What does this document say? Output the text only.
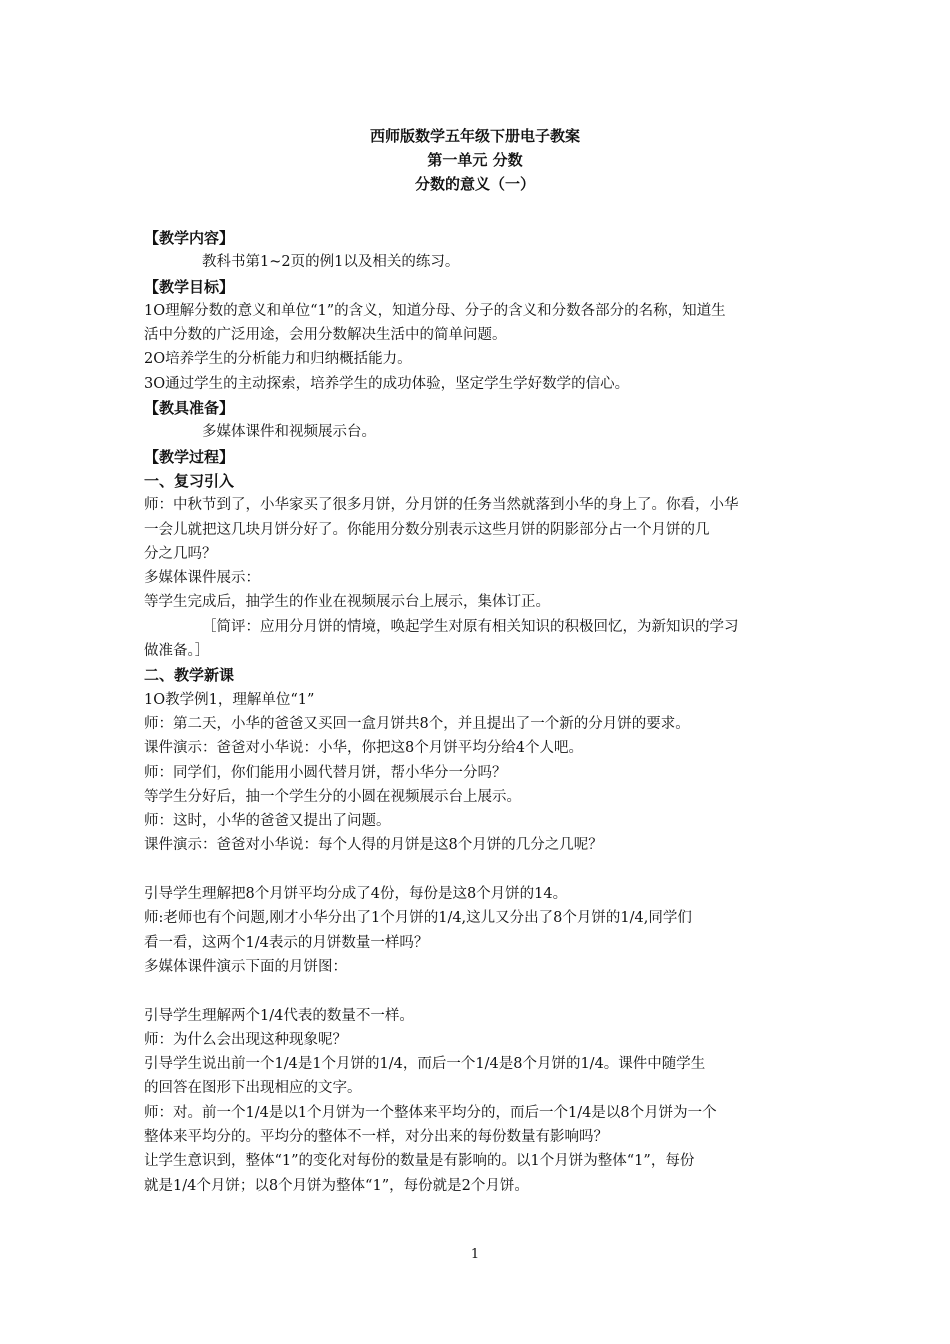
西师版数学五年级下册电子教案
第一单元 分数
分数的意义（一）
【教学内容】
教科书第1~2页的例1以及相关的练习。
【教学目标】
1O理解分数的意义和单位“1”的含义，知道分母、分子的含义和分数各部分的名称，知道生
活中分数的广泛用途，会用分数解决生活中的简单问题。
2O培养学生的分析能力和归纳概括能力。
3O通过学生的主动探索，培养学生的成功体验，坚定学生学好数学的信心。
【教具准备】
多媒体课件和视频展示台。
【教学过程】
一、复习引入
师：中秋节到了，小华家买了很多月饼，分月饼的任务当然就落到小华的身上了。你看，小华
一会儿就把这几块月饼分好了。你能用分数分别表示这些月饼的阴影部分占一个月饼的几
分之几吗？
多媒体课件展示：
等学生完成后，抽学生的作业在视频展示台上展示，集体订正。
［简评：应用分月饼的情境，唤起学生对原有相关知识的积极回忆，为新知识的学习
做准备。］
二、教学新课
1O教学例1，理解单位“1”
师：第二天，小华的爸爸又买回一盒月饼共8个，并且提出了一个新的分月饼的要求。
课件演示：爸爸对小华说：小华，你把这8个月饼平均分给4个人吧。
师：同学们，你们能用小圆代替月饼，帮小华分一分吗？
等学生分好后，抽一个学生分的小圆在视频展示台上展示。
师：这时，小华的爸爸又提出了问题。
课件演示：爸爸对小华说：每个人得的月饼是这8个月饼的几分之几呢？
引导学生理解把8个月饼平均分成了4份，每份是这8个月饼的14。
师:老师也有个问题,刚才小华分出了1个月饼的1/4,这儿又分出了8个月饼的1/4,同学们
看一看，这两个1/4表示的月饼数量一样吗？
多媒体课件演示下面的月饼图：
引导学生理解两个1/4代表的数量不一样。
师：为什么会出现这种现象呢？
引导学生说出前一个1/4是1个月饼的1/4，而后一个1/4是8个月饼的1/4。课件中随学生
的回答在图形下出现相应的文字。
师：对。前一个1/4是以1个月饼为一个整体来平均分的，而后一个1/4是以8个月饼为一个
整体来平均分的。平均分的整体不一样，对分出来的每份数量有影响吗？
让学生意识到，整体“1”的变化对每份的数量是有影响的。以1个月饼为整体“1”，每份
就是1/4个月饼；以8个月饼为整体“1”，每份就是2个月饼。
1
